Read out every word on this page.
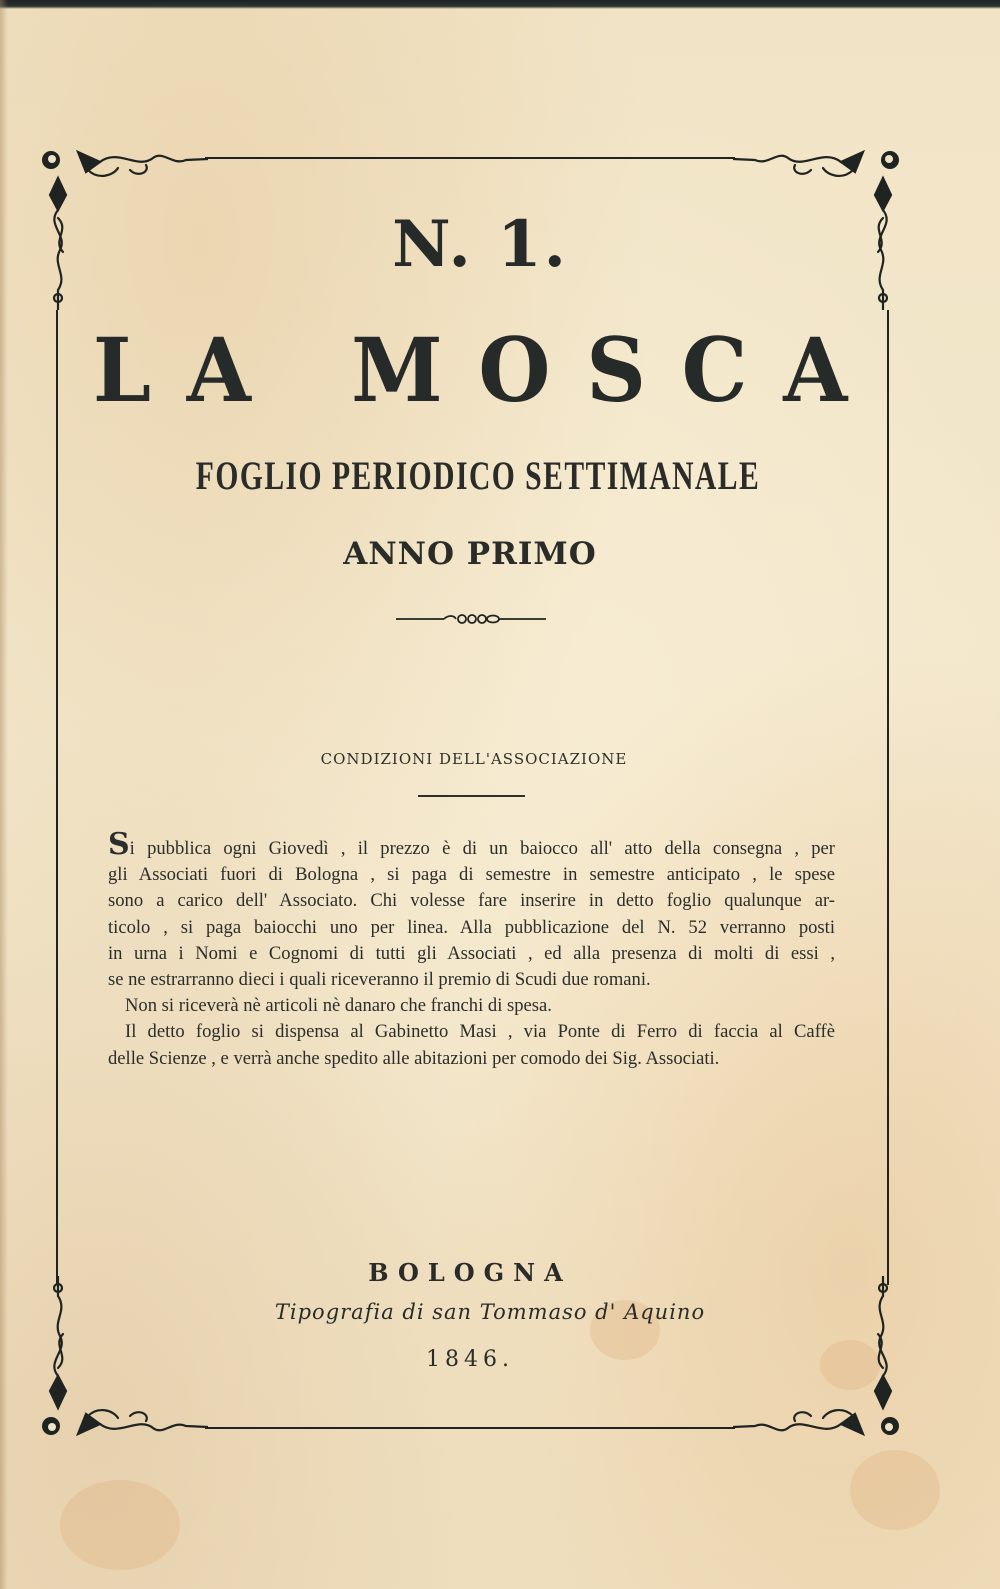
N. 1.
LA MOSCA
FOGLIO PERIODICO SETTIMANALE
ANNO PRIMO
CONDIZIONI DELL'ASSOCIAZIONE
Si pubblica ogni Giovedì , il prezzo è di un baiocco all' atto della consegna , per
gli Associati fuori di Bologna , si paga di semestre in semestre anticipato , le spese
sono a carico dell' Associato. Chi volesse fare inserire in detto foglio qualunque ar-
ticolo , si paga baiocchi uno per linea. Alla pubblicazione del N. 52 verranno posti
in urna i Nomi e Cognomi di tutti gli Associati , ed alla presenza di molti di essi ,
se ne estrarranno dieci i quali riceveranno il premio di Scudi due romani.
Non si riceverà nè articoli nè danaro che franchi di spesa.
Il detto foglio si dispensa al Gabinetto Masi , via Ponte di Ferro di faccia al Caffè
delle Scienze , e verrà anche spedito alle abitazioni per comodo dei Sig. Associati.
BOLOGNA
Tipografia di san Tommaso d' Aquino
1846.
